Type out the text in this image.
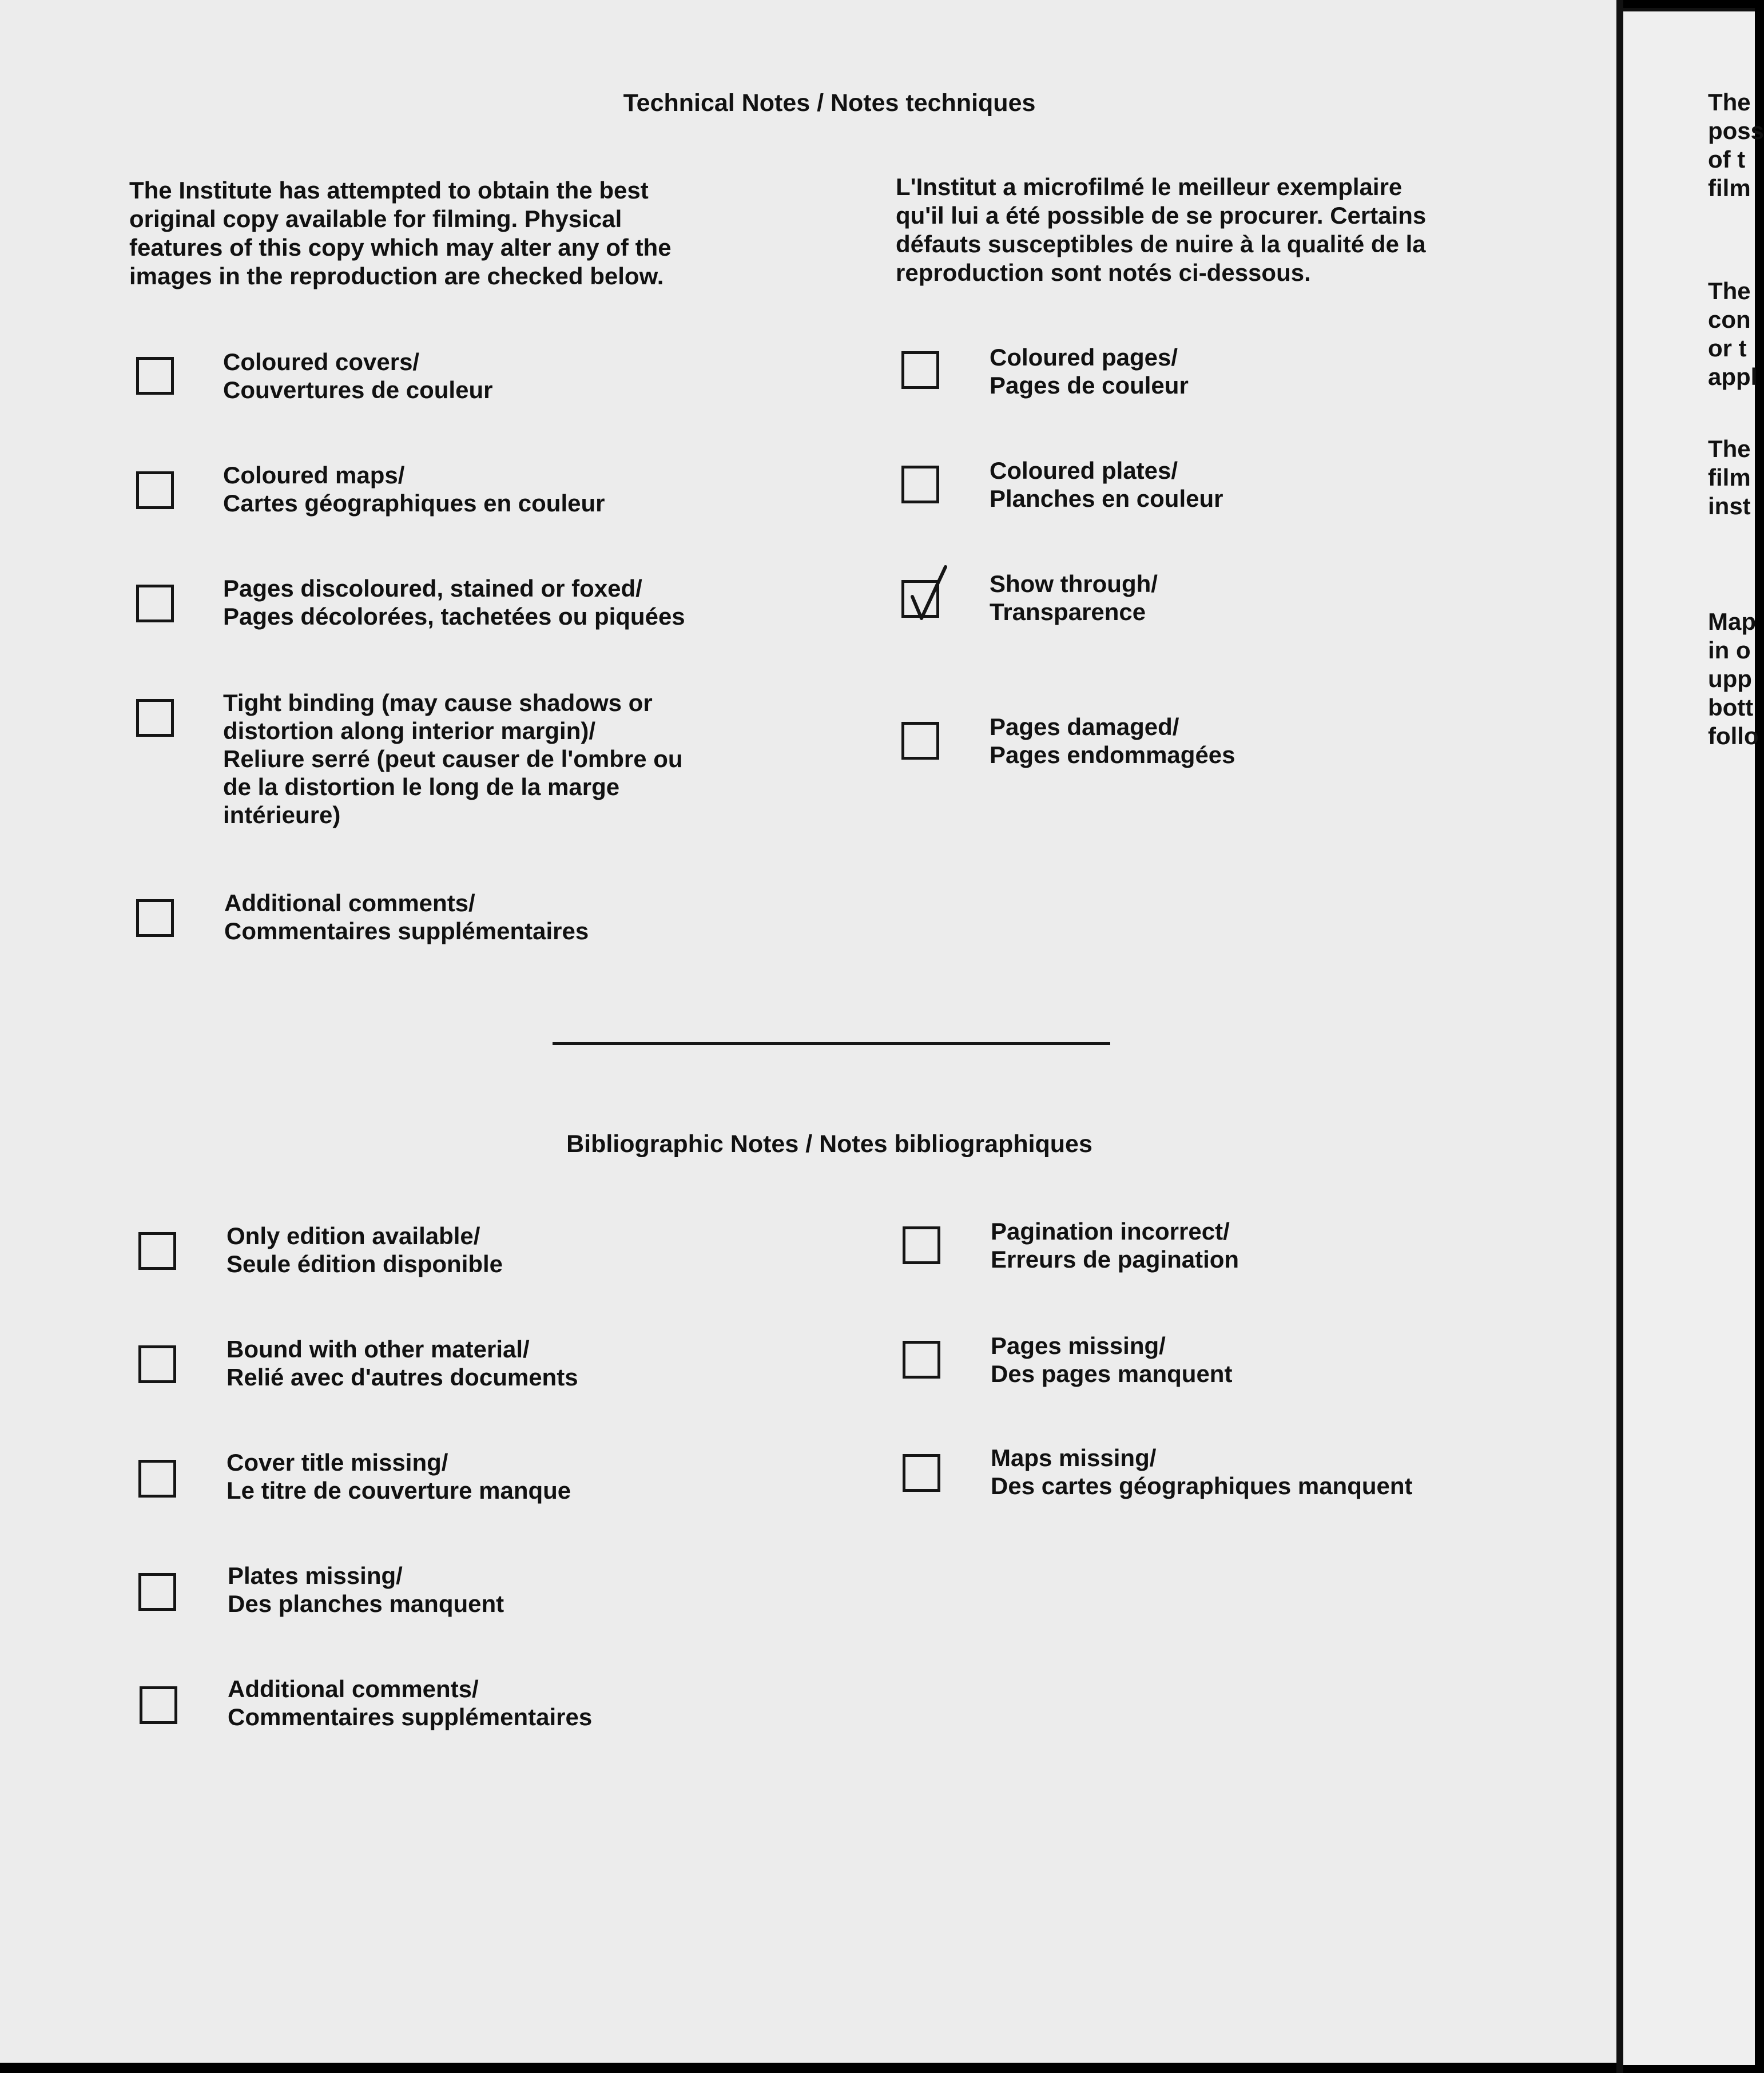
Technical Notes / Notes techniques
The Institute has attempted to obtain the best
original copy available for filming. Physical
features of this copy which may alter any of the
images in the reproduction are checked below.
L'Institut a microfilmé le meilleur exemplaire
qu'il lui a été possible de se procurer. Certains
défauts susceptibles de nuire à la qualité de la
reproduction sont notés ci-dessous.
Coloured covers/
Couvertures de couleur
Coloured maps/
Cartes géographiques en couleur
Pages discoloured, stained or foxed/
Pages décolorées, tachetées ou piquées
Tight binding (may cause shadows or
distortion along interior margin)/
Reliure serré (peut causer de l'ombre ou
de la distortion le long de la marge
intérieure)
Additional comments/
Commentaires supplémentaires
Coloured pages/
Pages de couleur
Coloured plates/
Planches en couleur
Show through/
Transparence
Pages damaged/
Pages endommagées
Bibliographic Notes / Notes bibliographiques
Only edition available/
Seule édition disponible
Bound with other material/
Relié avec d'autres documents
Cover title missing/
Le titre de couverture manque
Plates missing/
Des planches manquent
Additional comments/
Commentaires supplémentaires
Pagination incorrect/
Erreurs de pagination
Pages missing/
Des pages manquent
Maps missing/
Des cartes géographiques manquent
The
poss
of t
film
The
con
or t
appl
The
film
inst
Map
in o
upp
bott
follo
